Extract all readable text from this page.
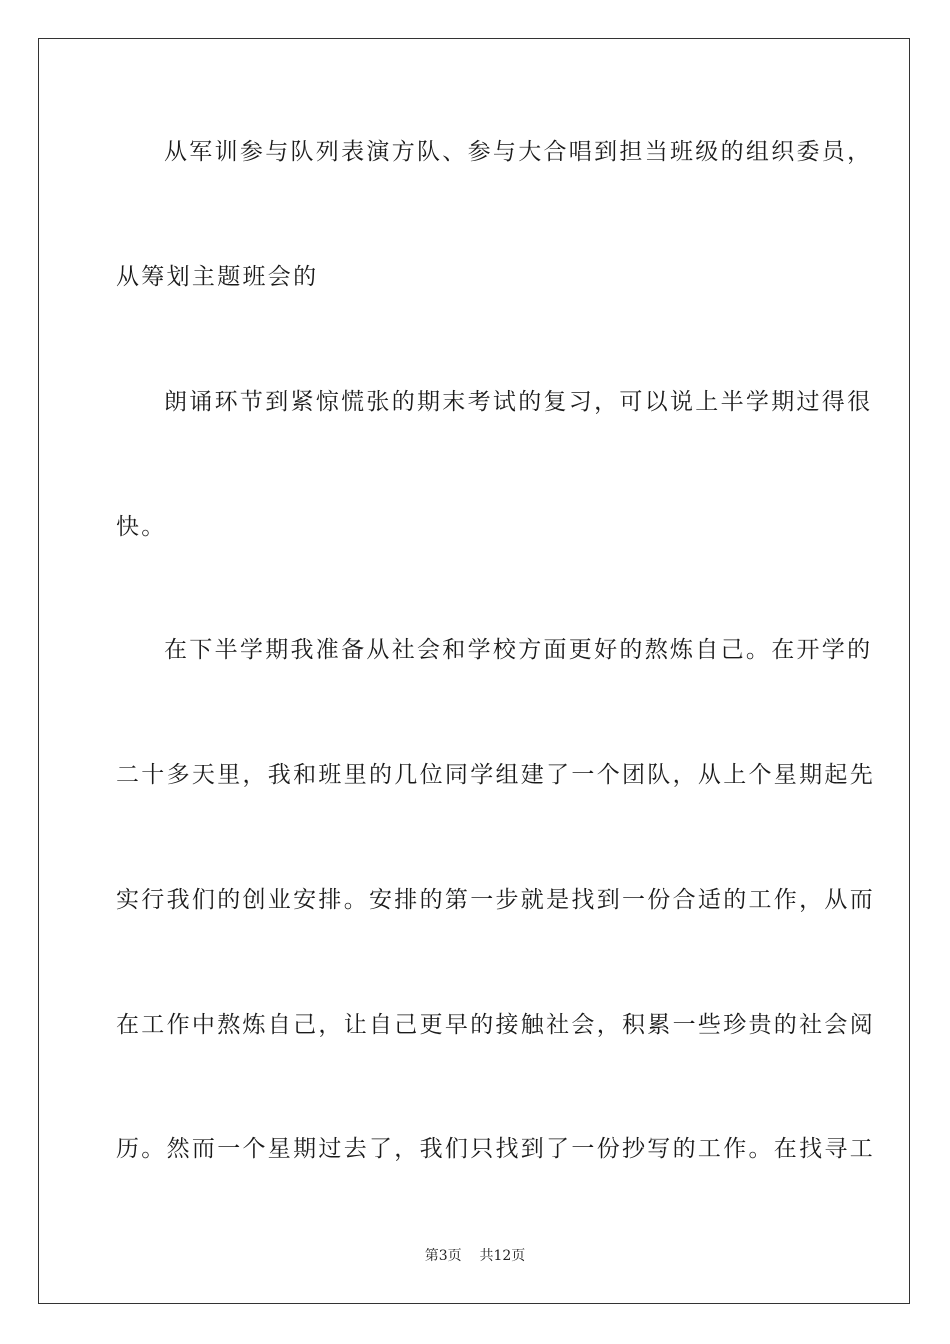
从军训参与队列表演方队、参与大合唱到担当班级的组织委员，
从筹划主题班会的
朗诵环节到紧惊慌张的期末考试的复习，可以说上半学期过得很
快。
在下半学期我准备从社会和学校方面更好的熬炼自己。在开学的
二十多天里，我和班里的几位同学组建了一个团队，从上个星期起先
实行我们的创业安排。安排的第一步就是找到一份合适的工作，从而
在工作中熬炼自己，让自己更早的接触社会，积累一些珍贵的社会阅
历。然而一个星期过去了，我们只找到了一份抄写的工作。在找寻工
第3页 共12页
